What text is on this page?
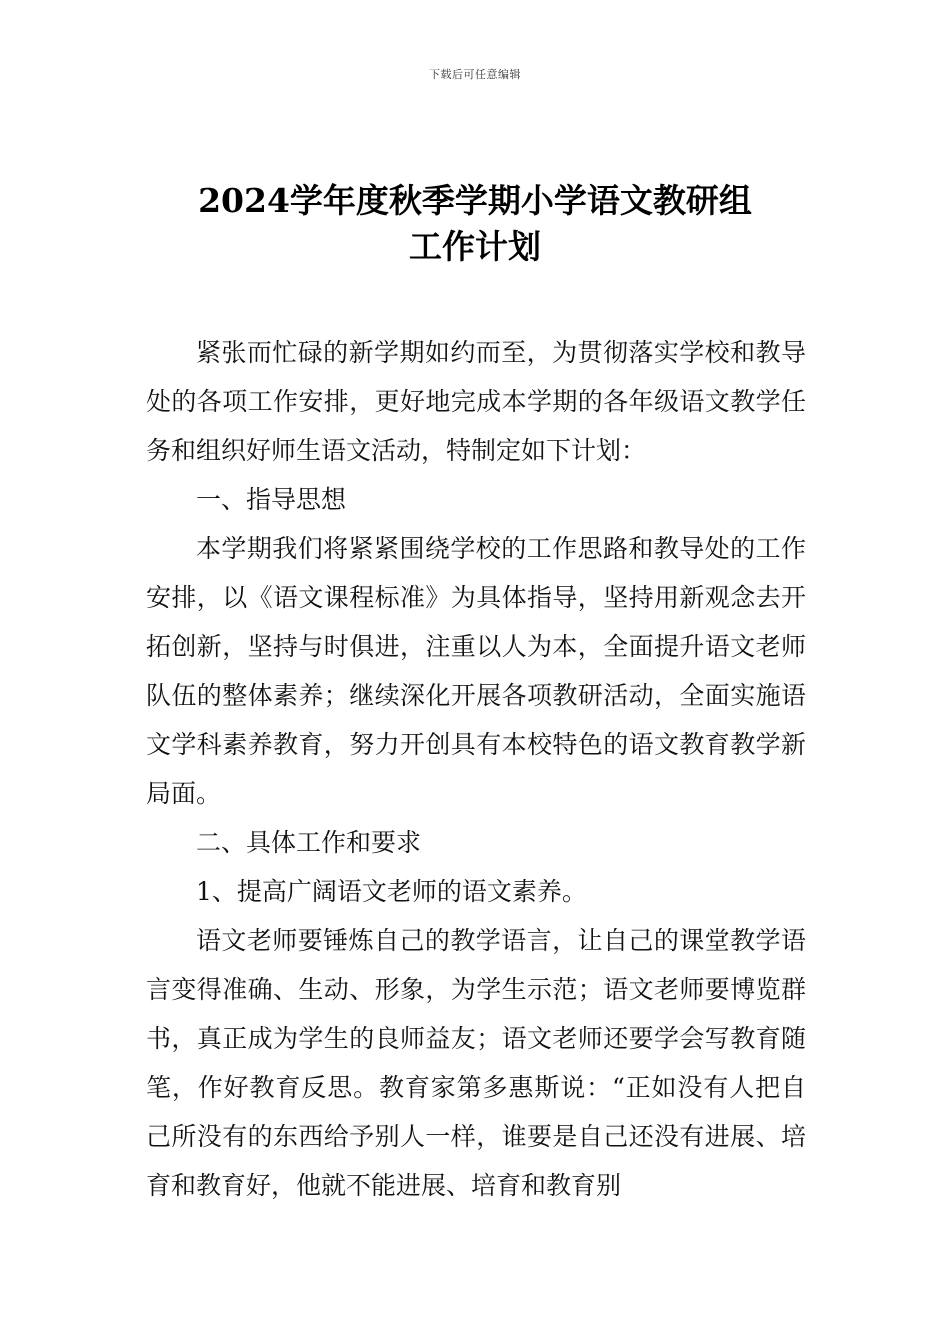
下载后可任意编辑
2024学年度秋季学期小学语文教研组
工作计划

紧张而忙碌的新学期如约而至，为贯彻落实学校和教导处的各项工作安排，更好地完成本学期的各年级语文教学任务和组织好师生语文活动，特制定如下计划：

一、指导思想

本学期我们将紧紧围绕学校的工作思路和教导处的工作安排，以《语文课程标准》为具体指导，坚持用新观念去开拓创新，坚持与时俱进，注重以人为本，全面提升语文老师队伍的整体素养；继续深化开展各项教研活动，全面实施语文学科素养教育，努力开创具有本校特色的语文教育教学新局面。

二、具体工作和要求

1、提高广阔语文老师的语文素养。

语文老师要锤炼自己的教学语言，让自己的课堂教学语言变得准确、生动、形象，为学生示范；语文老师要博览群书，真正成为学生的良师益友；语文老师还要学会写教育随笔，作好教育反思。教育家第多惠斯说：“正如没有人把自己所没有的东西给予别人一样，谁要是自己还没有进展、培育和教育好，他就不能进展、培育和教育别
